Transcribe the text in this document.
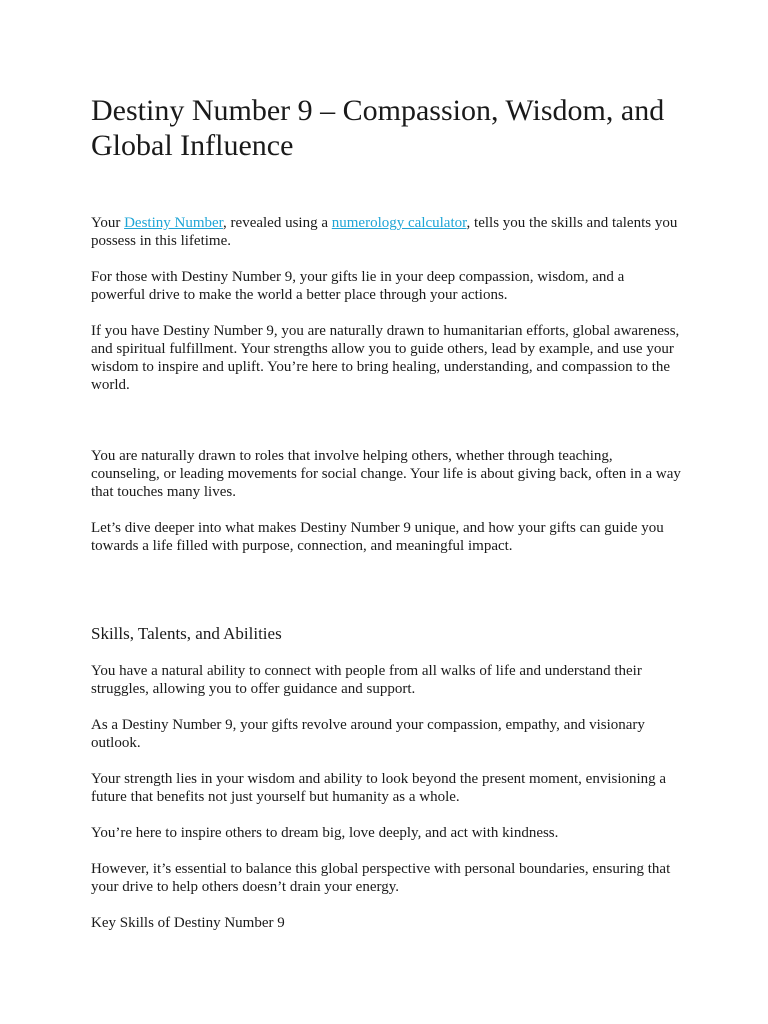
Destiny Number 9 – Compassion, Wisdom, and Global Influence

Your Destiny Number, revealed using a numerology calculator, tells you the skills and talents you possess in this lifetime.

For those with Destiny Number 9, your gifts lie in your deep compassion, wisdom, and a powerful drive to make the world a better place through your actions.

If you have Destiny Number 9, you are naturally drawn to humanitarian efforts, global awareness, and spiritual fulfillment. Your strengths allow you to guide others, lead by example, and use your wisdom to inspire and uplift. You’re here to bring healing, understanding, and compassion to the world.

You are naturally drawn to roles that involve helping others, whether through teaching, counseling, or leading movements for social change. Your life is about giving back, often in a way that touches many lives.

Let’s dive deeper into what makes Destiny Number 9 unique, and how your gifts can guide you towards a life filled with purpose, connection, and meaningful impact.

Skills, Talents, and Abilities

You have a natural ability to connect with people from all walks of life and understand their struggles, allowing you to offer guidance and support.

As a Destiny Number 9, your gifts revolve around your compassion, empathy, and visionary outlook.

Your strength lies in your wisdom and ability to look beyond the present moment, envisioning a future that benefits not just yourself but humanity as a whole.

You’re here to inspire others to dream big, love deeply, and act with kindness.

However, it’s essential to balance this global perspective with personal boundaries, ensuring that your drive to help others doesn’t drain your energy.

Key Skills of Destiny Number 9
